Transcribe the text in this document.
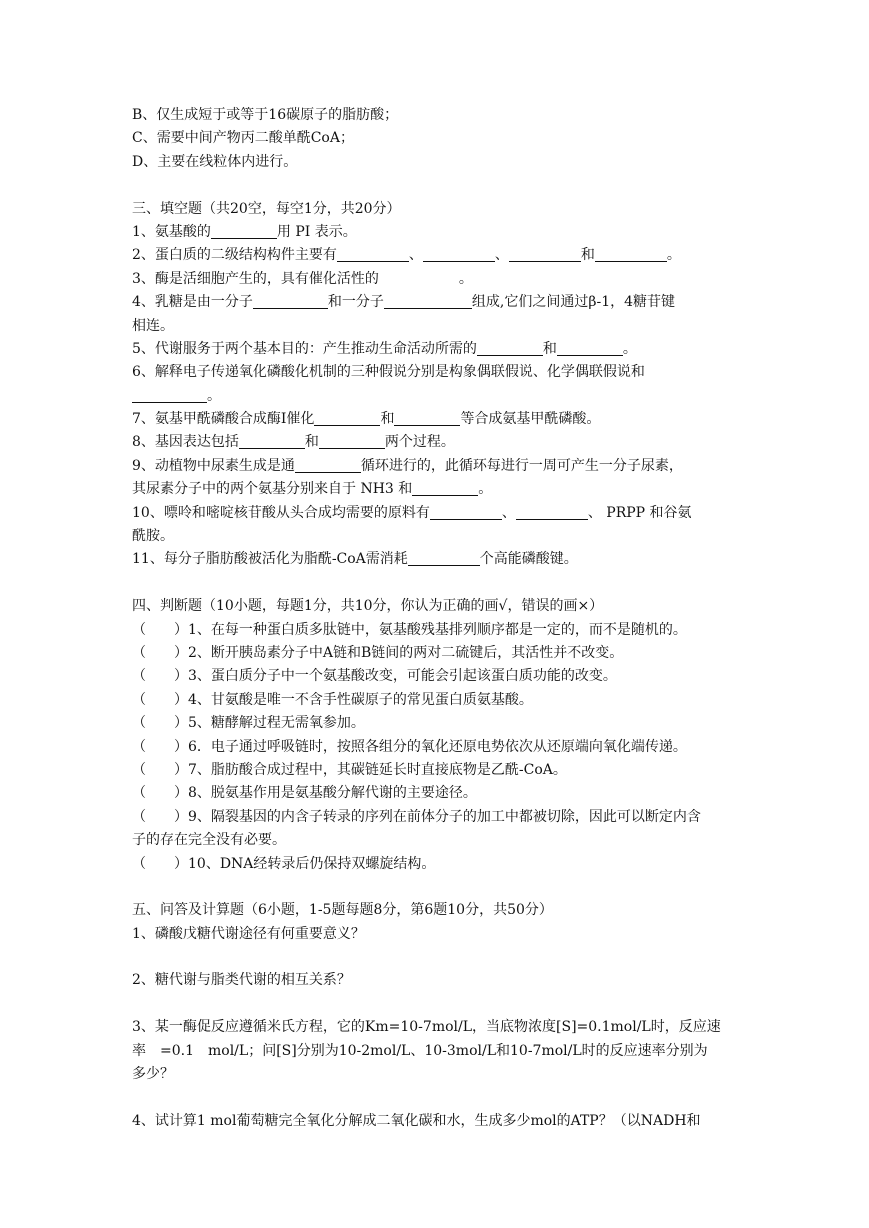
B、仅生成短于或等于16碳原子的脂肪酸；
C、需要中间产物丙二酸单酰CoA；
D、主要在线粒体内进行。
三、填空题（共20空，每空1分，共20分）
1、氨基酸的	用 PI 表示。
2、蛋白质的二级结构构件主要有	、	、	和	。
3、酶是活细胞产生的，具有催化活性的	。
4、乳糖是由一分子	和一分子	组成,它们之间通过β-1，4糖苷键
相连。
5、代谢服务于两个基本目的：产生推动生命活动所需的	和	。
6、解释电子传递氧化磷酸化机制的三种假说分别是构象偶联假说、化学偶联假说和
。
7、氨基甲酰磷酸合成酶Ⅰ催化	和	等合成氨基甲酰磷酸。
8、基因表达包括	和	两个过程。
9、动植物中尿素生成是通	循环进行的，此循环每进行一周可产生一分子尿素，
其尿素分子中的两个氨基分别来自于 NH3 和	。
10、嘌呤和嘧啶核苷酸从头合成均需要的原料有	、	、 PRPP 和谷氨
酰胺。
11、每分子脂肪酸被活化为脂酰-CoA需消耗	个高能磷酸键。
四、判断题（10小题，每题1分，共10分，你认为正确的画√，错误的画×）
（　　）1、在每一种蛋白质多肽链中，氨基酸残基排列顺序都是一定的，而不是随机的。
（　　）2、断开胰岛素分子中A链和B链间的两对二硫键后，其活性并不改变。
（　　）3、蛋白质分子中一个氨基酸改变，可能会引起该蛋白质功能的改变。
（　　）4、甘氨酸是唯一不含手性碳原子的常见蛋白质氨基酸。
（　　）5、糖酵解过程无需氧参加。
（　　）6．电子通过呼吸链时，按照各组分的氧化还原电势依次从还原端向氧化端传递。
（　　）7、脂肪酸合成过程中，其碳链延长时直接底物是乙酰-CoA。
（　　）8、脱氨基作用是氨基酸分解代谢的主要途径。
（　　）9、隔裂基因的内含子转录的序列在前体分子的加工中都被切除，因此可以断定内含
子的存在完全没有必要。
（　　）10、DNA经转录后仍保持双螺旋结构。
五、问答及计算题（6小题，1-5题每题8分，第6题10分，共50分）
1、磷酸戊糖代谢途径有何重要意义？
2、糖代谢与脂类代谢的相互关系？
3、某一酶促反应遵循米氏方程，它的Km=10-7mol/L，当底物浓度[S]=0.1mol/L时，反应速
率　=0.1　mol/L；问[S]分别为10-2mol/L、10-3mol/L和10-7mol/L时的反应速率分别为
多少？
4、试计算1 mol葡萄糖完全氧化分解成二氧化碳和水，生成多少mol的ATP？（以NADH和
